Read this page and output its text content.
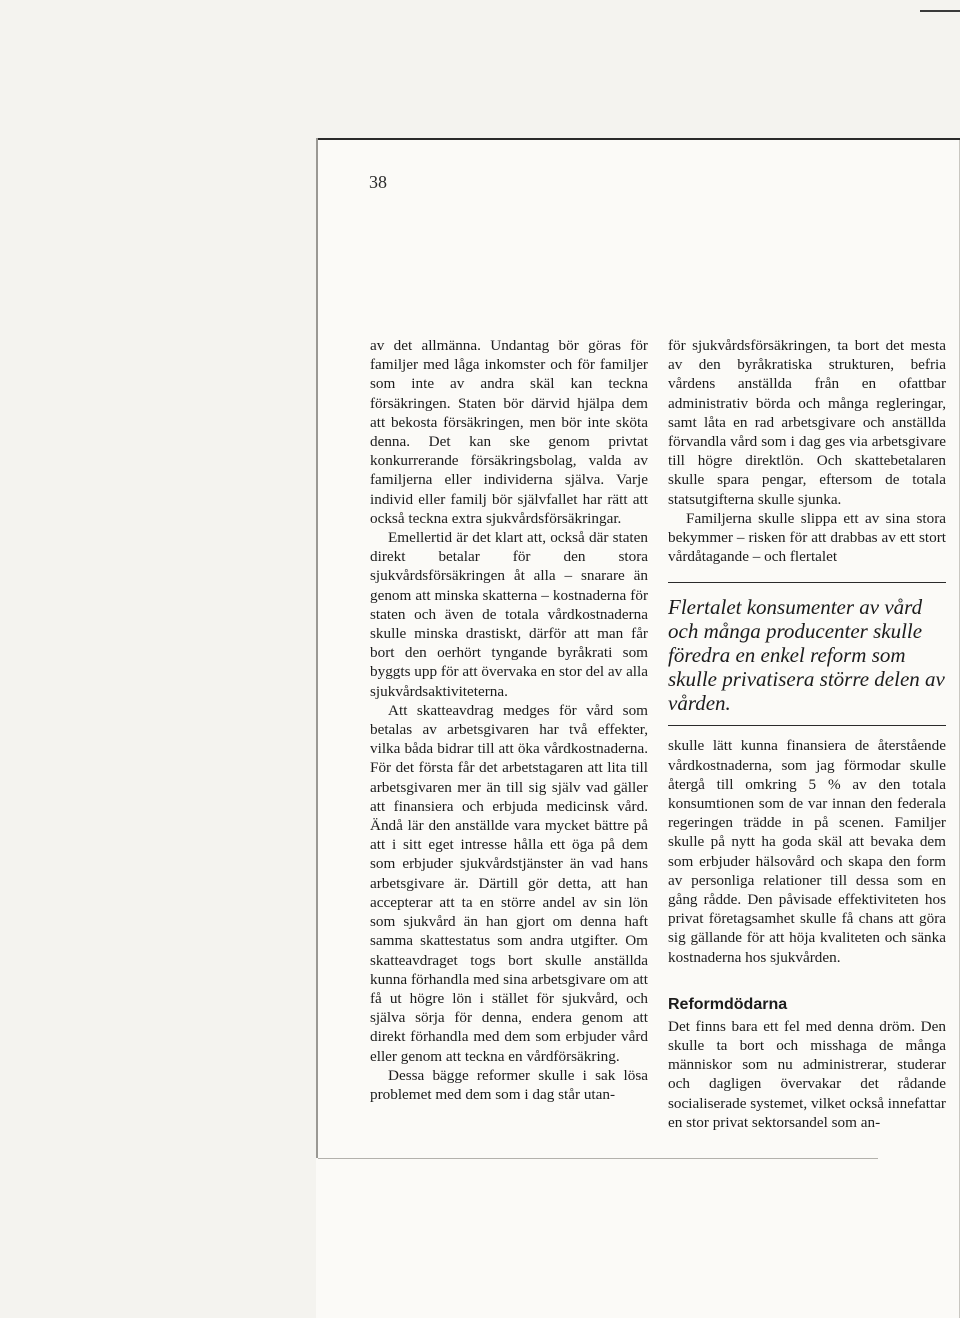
38

av det allmänna. Undantag bör göras för familjer med låga inkomster och för familjer som inte av andra skäl kan teckna försäkringen. Staten bör därvid hjälpa dem att bekosta försäkringen, men bör inte sköta denna. Det kan ske genom privtat konkurrerande försäkringsbolag, valda av familjerna eller individerna själva. Varje individ eller familj bör självfallet har rätt att också teckna extra sjukvårdsförsäkringar.

Emellertid är det klart att, också där staten direkt betalar för den stora sjukvårdsförsäkringen åt alla – snarare än genom att minska skatterna – kostnaderna för staten och även de totala vårdkostnaderna skulle minska drastiskt, därför att man får bort den oerhört tyngande byråkrati som byggts upp för att övervaka en stor del av alla sjukvårdsaktiviteterna.

Att skatteavdrag medges för vård som betalas av arbetsgivaren har två effekter, vilka båda bidrar till att öka vårdkostnaderna. För det första får det arbetstagaren att lita till arbetsgivaren mer än till sig själv vad gäller att finansiera och erbjuda medicinsk vård. Ändå lär den anställde vara mycket bättre på att i sitt eget intresse hålla ett öga på dem som erbjuder sjukvårdstjänster än vad hans arbetsgivare är. Därtill gör detta, att han accepterar att ta en större andel av sin lön som sjukvård än han gjort om denna haft samma skattestatus som andra utgifter. Om skatteavdraget togs bort skulle anställda kunna förhandla med sina arbetsgivare om att få ut högre lön i stället för sjukvård, och själva sörja för denna, endera genom att direkt förhandla med dem som erbjuder vård eller genom att teckna en vårdförsäkring.

Dessa bägge reformer skulle i sak lösa problemet med dem som i dag står utan-

för sjukvårdsförsäkringen, ta bort det mesta av den byråkratiska strukturen, befria vårdens anställda från en ofattbar administrativ börda och många regleringar, samt låta en rad arbetsgivare och anställda förvandla vård som i dag ges via arbetsgivare till högre direktlön. Och skattebetalaren skulle spara pengar, eftersom de totala statsutgifterna skulle sjunka.

Familjerna skulle slippa ett av sina stora bekymmer – risken för att drabbas av ett stort vårdåtagande – och flertalet

Flertalet konsumenter av vård och många producenter skulle föredra en enkel reform som skulle privatisera större delen av vården.

skulle lätt kunna finansiera de återstående vårdkostnaderna, som jag förmodar skulle återgå till omkring 5 % av den totala konsumtionen som de var innan den federala regeringen trädde in på scenen. Familjer skulle på nytt ha goda skäl att bevaka dem som erbjuder hälsovård och skapa den form av personliga relationer till dessa som en gång rådde. Den påvisade effektiviteten hos privat företagsamhet skulle få chans att göra sig gällande för att höja kvaliteten och sänka kostnaderna hos sjukvården.

Reformdödarna

Det finns bara ett fel med denna dröm. Den skulle ta bort och misshaga de många människor som nu administrerar, studerar och dagligen övervakar det rådande socialiserade systemet, vilket också innefattar en stor privat sektorsandel som an-
